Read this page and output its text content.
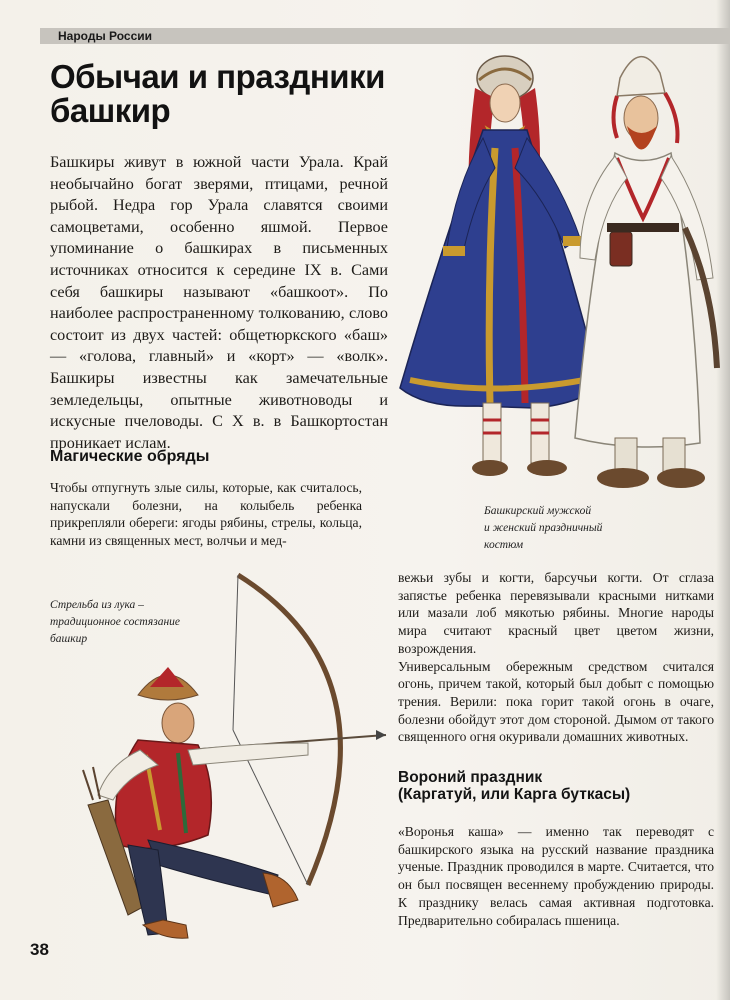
Народы России
Обычаи и праздники
башкир
Башкиры живут в южной части Урала. Край необычайно богат зверями, птицами, речной рыбой. Недра гор Урала славятся своими самоцветами, особенно яшмой. Первое упоминание о башкирах в письменных источниках относится к середине IX в. Сами себя башкиры называют «башкоот». По наиболее распространенному толкованию, слово состоит из двух частей: общетюркского «баш» — «голова, главный» и «корт» — «волк». Башкиры известны как замечательные земледельцы, опытные животноводы и искусные пчеловоды. С X в. в Башкортостан проникает ислам.
Башкирский мужской
и женский праздничный
костюм
Магические обряды
Чтобы отпугнуть злые силы, которые, как считалось, напускали болезни, на колыбель ребенка прикрепляли обереги: ягоды рябины, стрелы, кольца, камни из священных мест, волчьи и мед-
Стрельба из лука –
традиционное состязание
башкир
вежьи зубы и когти, барсучьи когти. От сглаза запястье ребенка перевязывали красными нитками или мазали лоб мякотью рябины. Многие народы мира считают красный цвет цветом жизни, возрождения.
Универсальным обережным средством считался огонь, причем такой, который был добыт с помощью трения. Верили: пока горит такой огонь в очаге, болезни обойдут этот дом стороной. Дымом от такого священного огня окуривали домашних животных.
Вороний праздник
(Каргатуй, или Карга буткасы)
«Воронья каша» — именно так переводят с башкирского языка на русский название праздника ученые. Праздник проводился в марте. Считается, что он был посвящен весеннему пробуждению природы. К празднику велась самая активная подготовка. Предварительно собиралась пшеница.
38
